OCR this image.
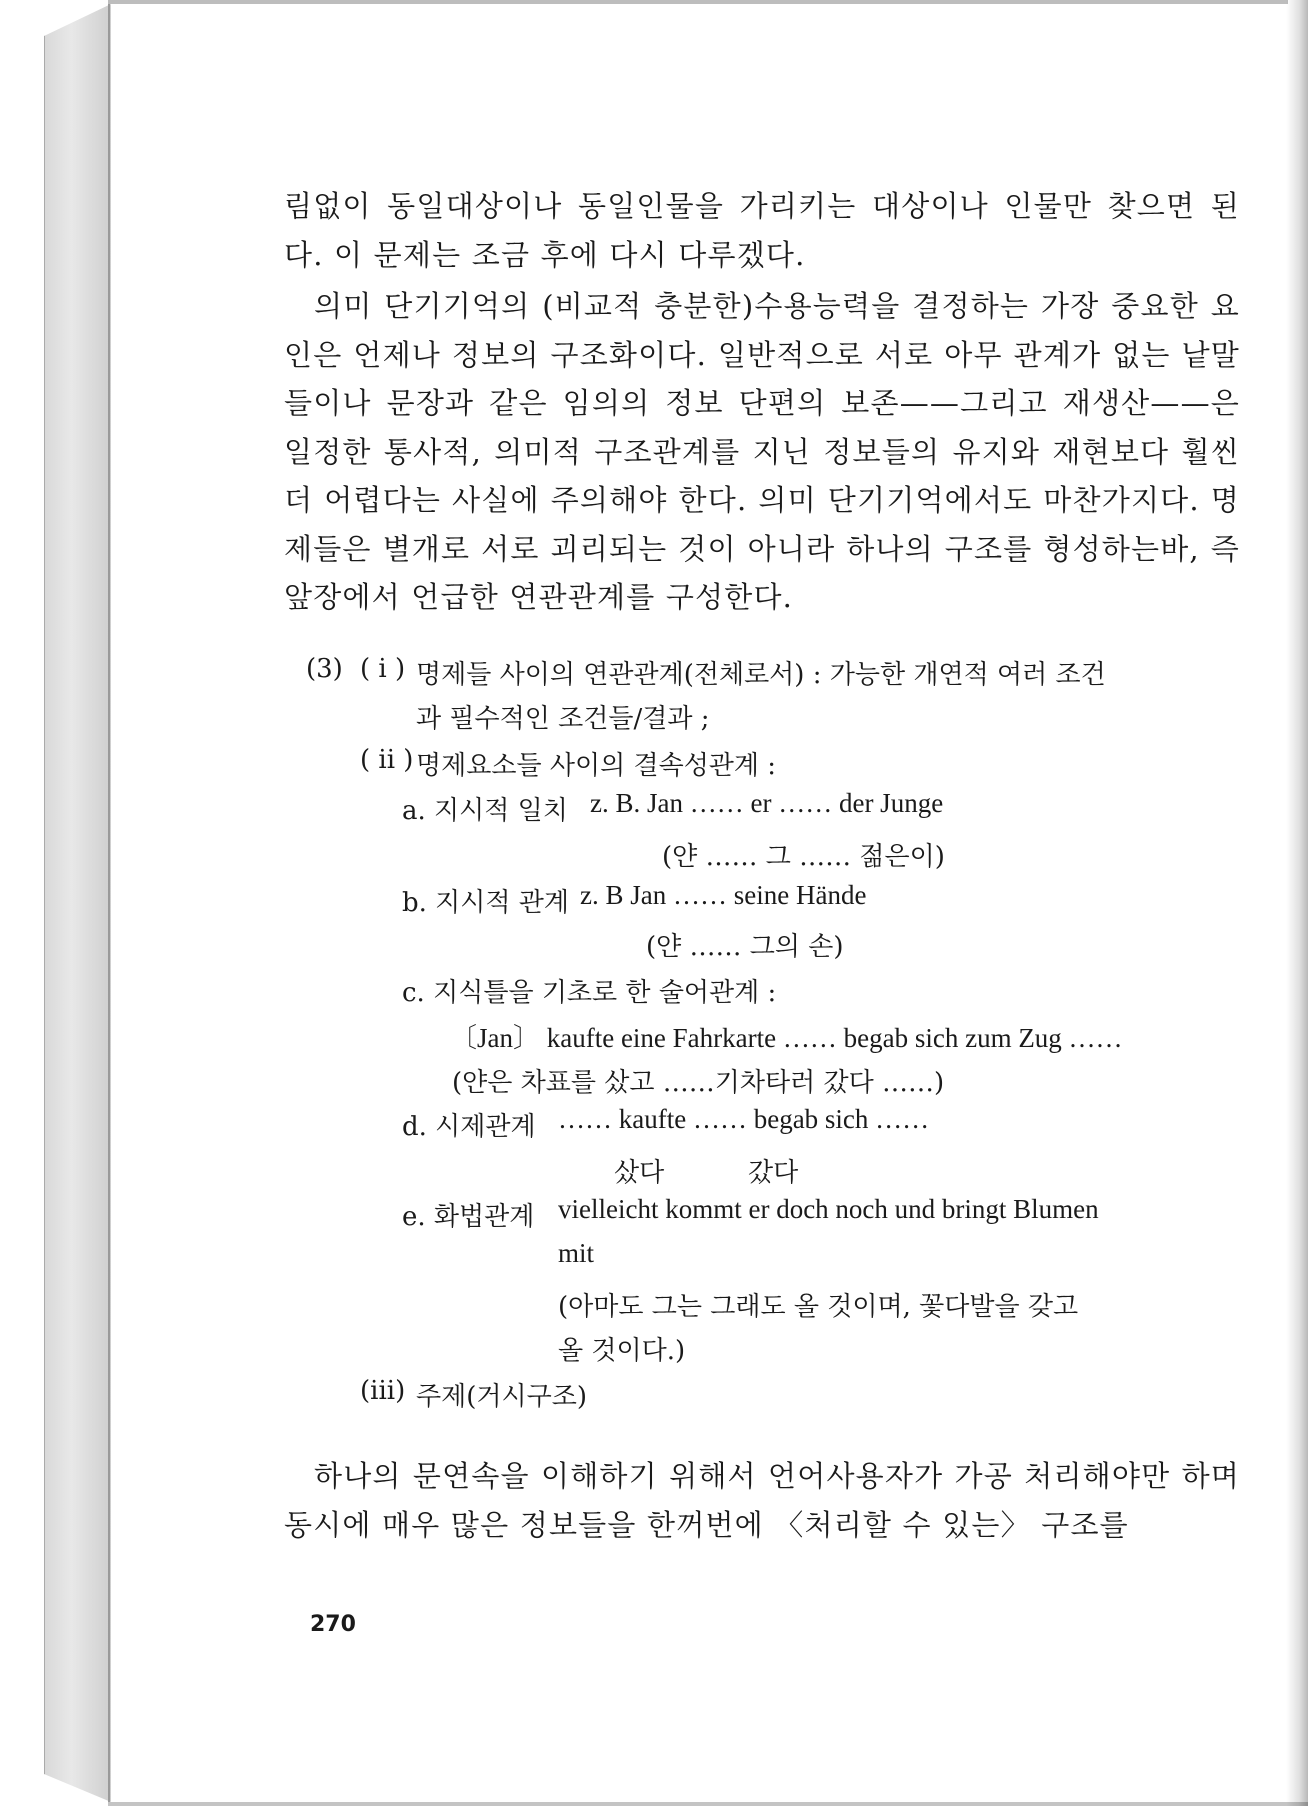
림없이 동일대상이나 동일인물을 가리키는 대상이나 인물만 찾으면 된다. 이 문제는 조금 후에 다시 다루겠다.
의미 단기기억의 (비교적 충분한)수용능력을 결정하는 가장 중요한 요인은 언제나 정보의 구조화이다. 일반적으로 서로 아무 관계가 없는 낱말들이나 문장과 같은 임의의 정보 단편의 보존——그리고 재생산——은 일정한 통사적, 의미적 구조관계를 지닌 정보들의 유지와 재현보다 훨씬 더 어렵다는 사실에 주의해야 한다. 의미 단기기억에서도 마찬가지다. 명제들은 별개로 서로 괴리되는 것이 아니라 하나의 구조를 형성하는바, 즉 앞장에서 언급한 연관관계를 구성한다.
(3) ( i ) 명제들 사이의 연관관계(전체로서) : 가능한 개연적 여러 조건
과 필수적인 조건들/결과 ;
( ii ) 명제요소들 사이의 결속성관계 :
a. 지시적 일치 z. B. Jan …… er …… der Junge
(얀 …… 그 …… 젊은이)
b. 지시적 관계 z. B Jan …… seine Hände
(얀 …… 그의 손)
c. 지식틀을 기초로 한 술어관계 :
〔Jan〕 kaufte eine Fahrkarte …… begab sich zum Zug ……
(얀은 차표를 샀고 ……기차타러 갔다 ……)
d. 시제관계 …… kaufte …… begab sich ……
샀다	갔다
e. 화법관계 vielleicht kommt er doch noch und bringt Blumen
mit
(아마도 그는 그래도 올 것이며, 꽃다발을 갖고
올 것이다.)
(iii) 주제(거시구조)
하나의 문연속을 이해하기 위해서 언어사용자가 가공 처리해야만 하며 동시에 매우 많은 정보들을 한꺼번에 〈처리할 수 있는〉 구조를
270
